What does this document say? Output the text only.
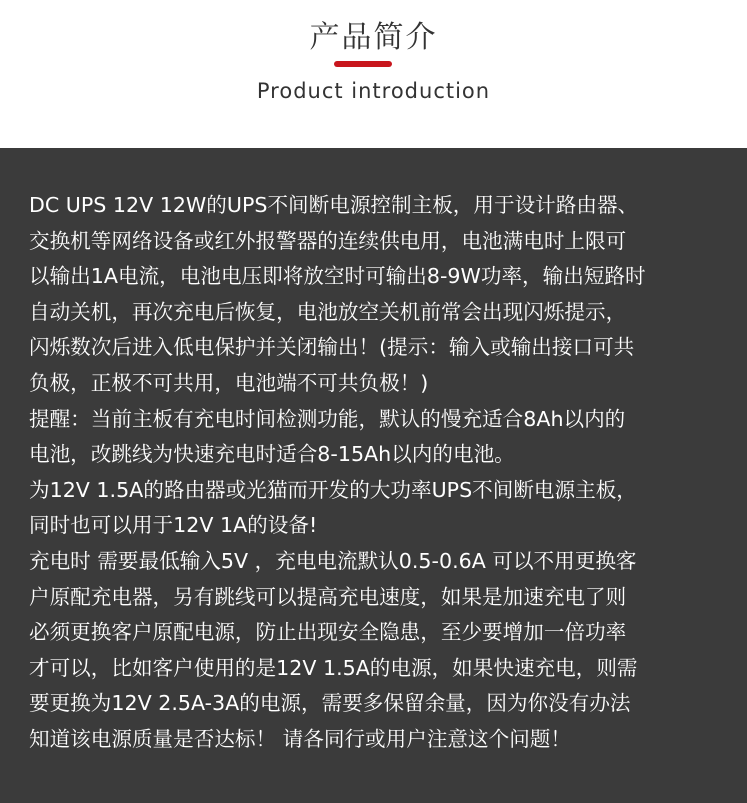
产品简介
Product introduction
DC UPS 12V 12W的UPS不间断电源控制主板，用于设计路由器、
交换机等网络设备或红外报警器的连续供电用，电池满电时上限可
以输出1A电流，电池电压即将放空时可输出8-9W功率，输出短路时
自动关机，再次充电后恢复，电池放空关机前常会出现闪烁提示，
闪烁数次后进入低电保护并关闭输出！(提示：输入或输出接口可共
负极，正极不可共用，电池端不可共负极！)
提醒：当前主板有充电时间检测功能，默认的慢充适合8Ah以内的
电池，改跳线为快速充电时适合8-15Ah以内的电池。
为12V 1.5A的路由器或光猫而开发的大功率UPS不间断电源主板，
同时也可以用于12V 1A的设备!
充电时 需要最低输入5V ，充电电流默认0.5-0.6A 可以不用更换客
户原配充电器，另有跳线可以提高充电速度，如果是加速充电了则
必须更换客户原配电源，防止出现安全隐患，至少要增加一倍功率
才可以，比如客户使用的是12V 1.5A的电源，如果快速充电，则需
要更换为12V 2.5A-3A的电源，需要多保留余量，因为你没有办法
知道该电源质量是否达标！ 请各同行或用户注意这个问题！
